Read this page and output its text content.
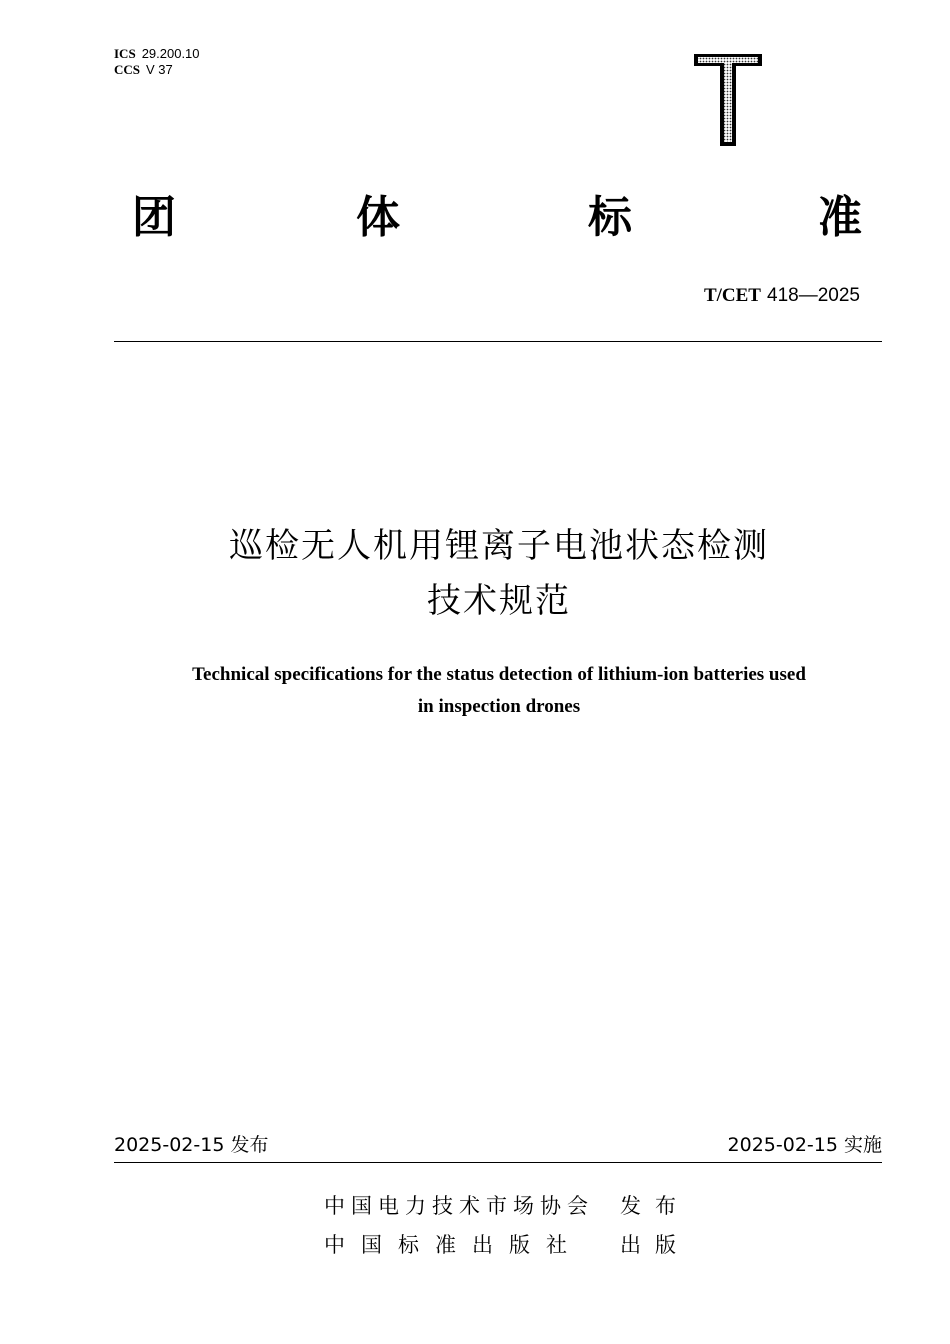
ICS 29.200.10
CCS V 37
团	体	标	准
T/CET 418—2025
巡检无人机用锂离子电池状态检测
技术规范
Technical specifications for the status detection of lithium-ion batteries used
in inspection drones
2025-02-15 发布	2025-02-15 实施
中国电力技术市场协会 发布
中国标准出版社 出版
